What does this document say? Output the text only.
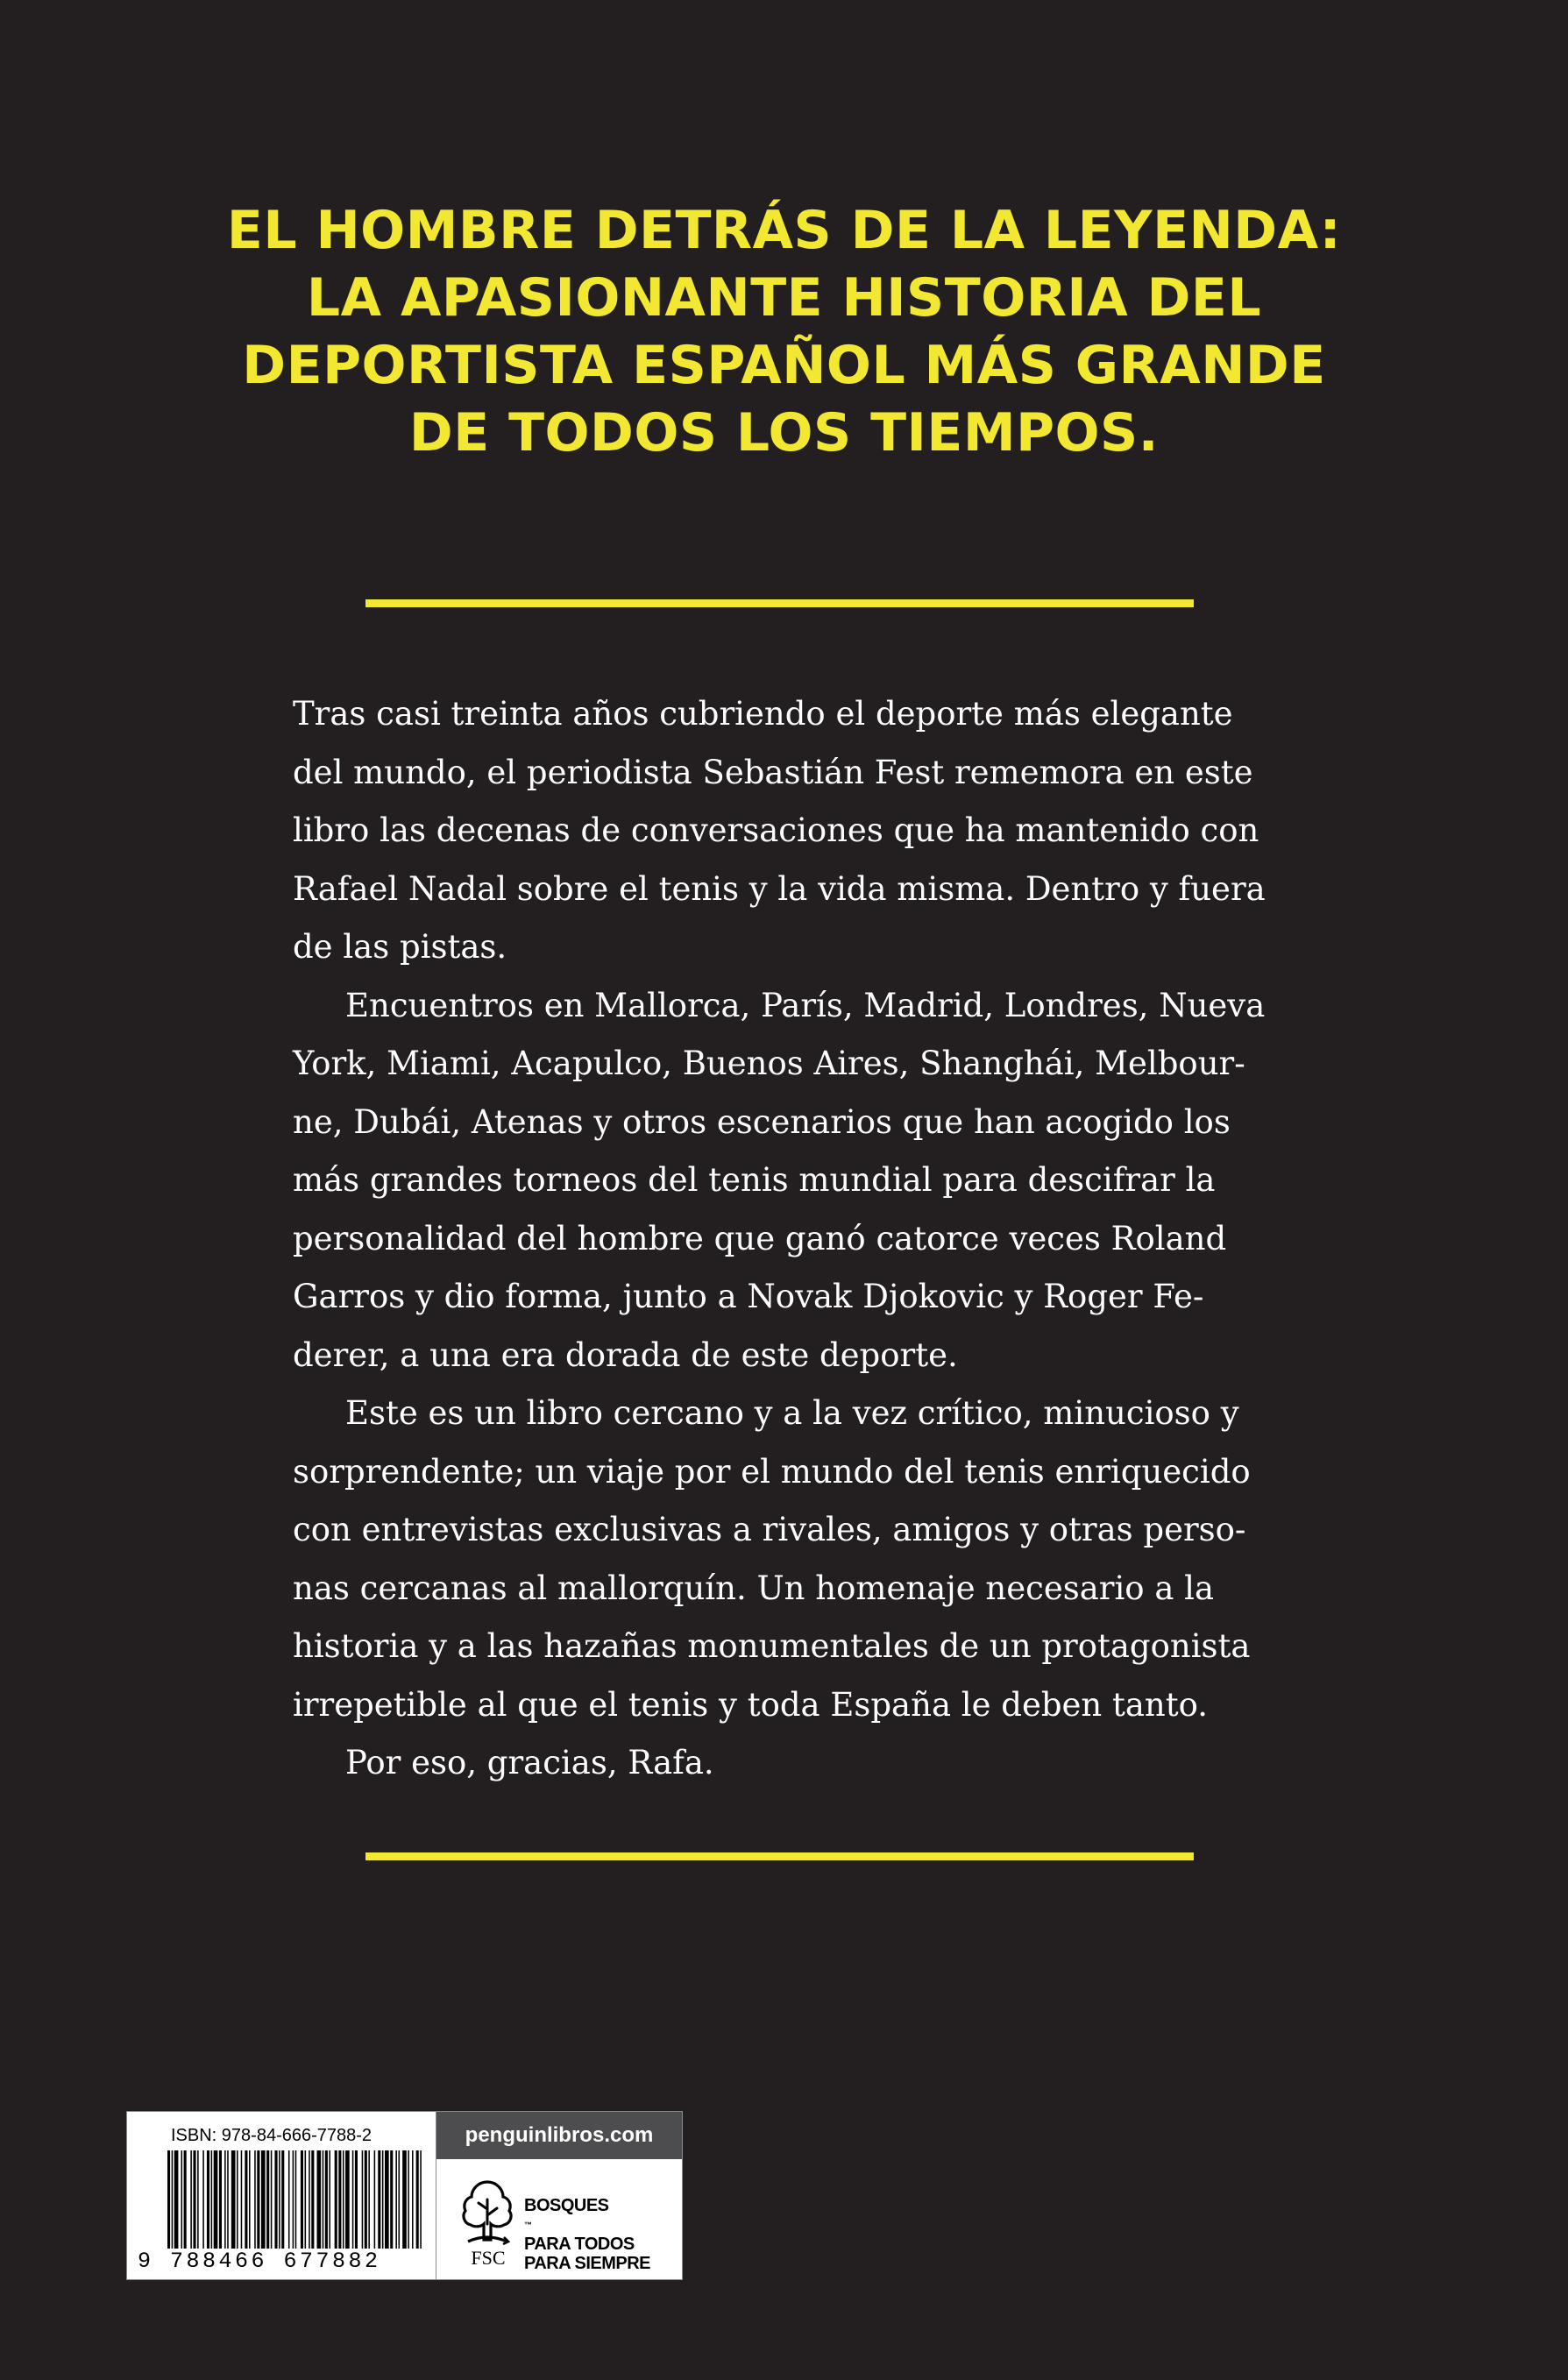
EL HOMBRE DETRÁS DE LA LEYENDA:
LA APASIONANTE HISTORIA DEL
DEPORTISTA ESPAÑOL MÁS GRANDE
DE TODOS LOS TIEMPOS.
Tras casi treinta años cubriendo el deporte más elegante
del mundo, el periodista Sebastián Fest rememora en este
libro las decenas de conversaciones que ha mantenido con
Rafael Nadal sobre el tenis y la vida misma. Dentro y fuera
de las pistas.
Encuentros en Mallorca, París, Madrid, Londres, Nueva
York, Miami, Acapulco, Buenos Aires, Shanghái, Melbour-
ne, Dubái, Atenas y otros escenarios que han acogido los
más grandes torneos del tenis mundial para descifrar la
personalidad del hombre que ganó catorce veces Roland
Garros y dio forma, junto a Novak Djokovic y Roger Fe-
derer, a una era dorada de este deporte.
Este es un libro cercano y a la vez crítico, minucioso y
sorprendente; un viaje por el mundo del tenis enriquecido
con entrevistas exclusivas a rivales, amigos y otras perso-
nas cercanas al mallorquín. Un homenaje necesario a la
historia y a las hazañas monumentales de un protagonista
irrepetible al que el tenis y toda España le deben tanto.
Por eso, gracias, Rafa.
ISBN: 978-84-666-7788-2
9 788466 677882
penguinlibros.com
FSC
BOSQUES
™
PARA TODOS
PARA SIEMPRE
